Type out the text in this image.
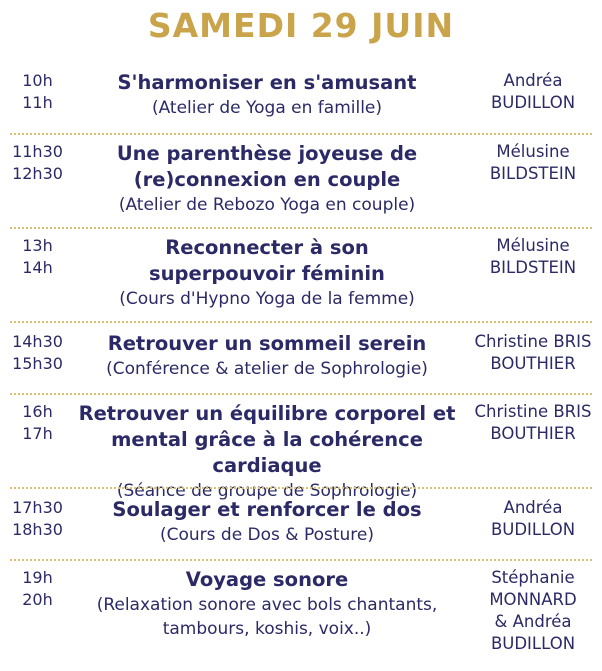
SAMEDI 29 JUIN
10h
11h
S'harmoniser en s'amusant
(Atelier de Yoga en famille)
Andréa
BUDILLON
11h30
12h30
Une parenthèse joyeuse de
(re)connexion en couple
(Atelier de Rebozo Yoga en couple)
Mélusine
BILDSTEIN
13h
14h
Reconnecter à son
superpouvoir féminin
(Cours d'Hypno Yoga de la femme)
Mélusine
BILDSTEIN
14h30
15h30
Retrouver un sommeil serein
(Conférence & atelier de Sophrologie)
Christine BRIS
BOUTHIER
16h
17h
Retrouver un équilibre corporel et
mental grâce à la cohérence cardiaque
(Séance de groupe de Sophrologie)
Christine BRIS
BOUTHIER
17h30
18h30
Soulager et renforcer le dos
(Cours de Dos & Posture)
Andréa
BUDILLON
19h
20h
Voyage sonore
(Relaxation sonore avec bols chantants,
tambours, koshis, voix..)
Stéphanie
MONNARD
& Andréa
BUDILLON
